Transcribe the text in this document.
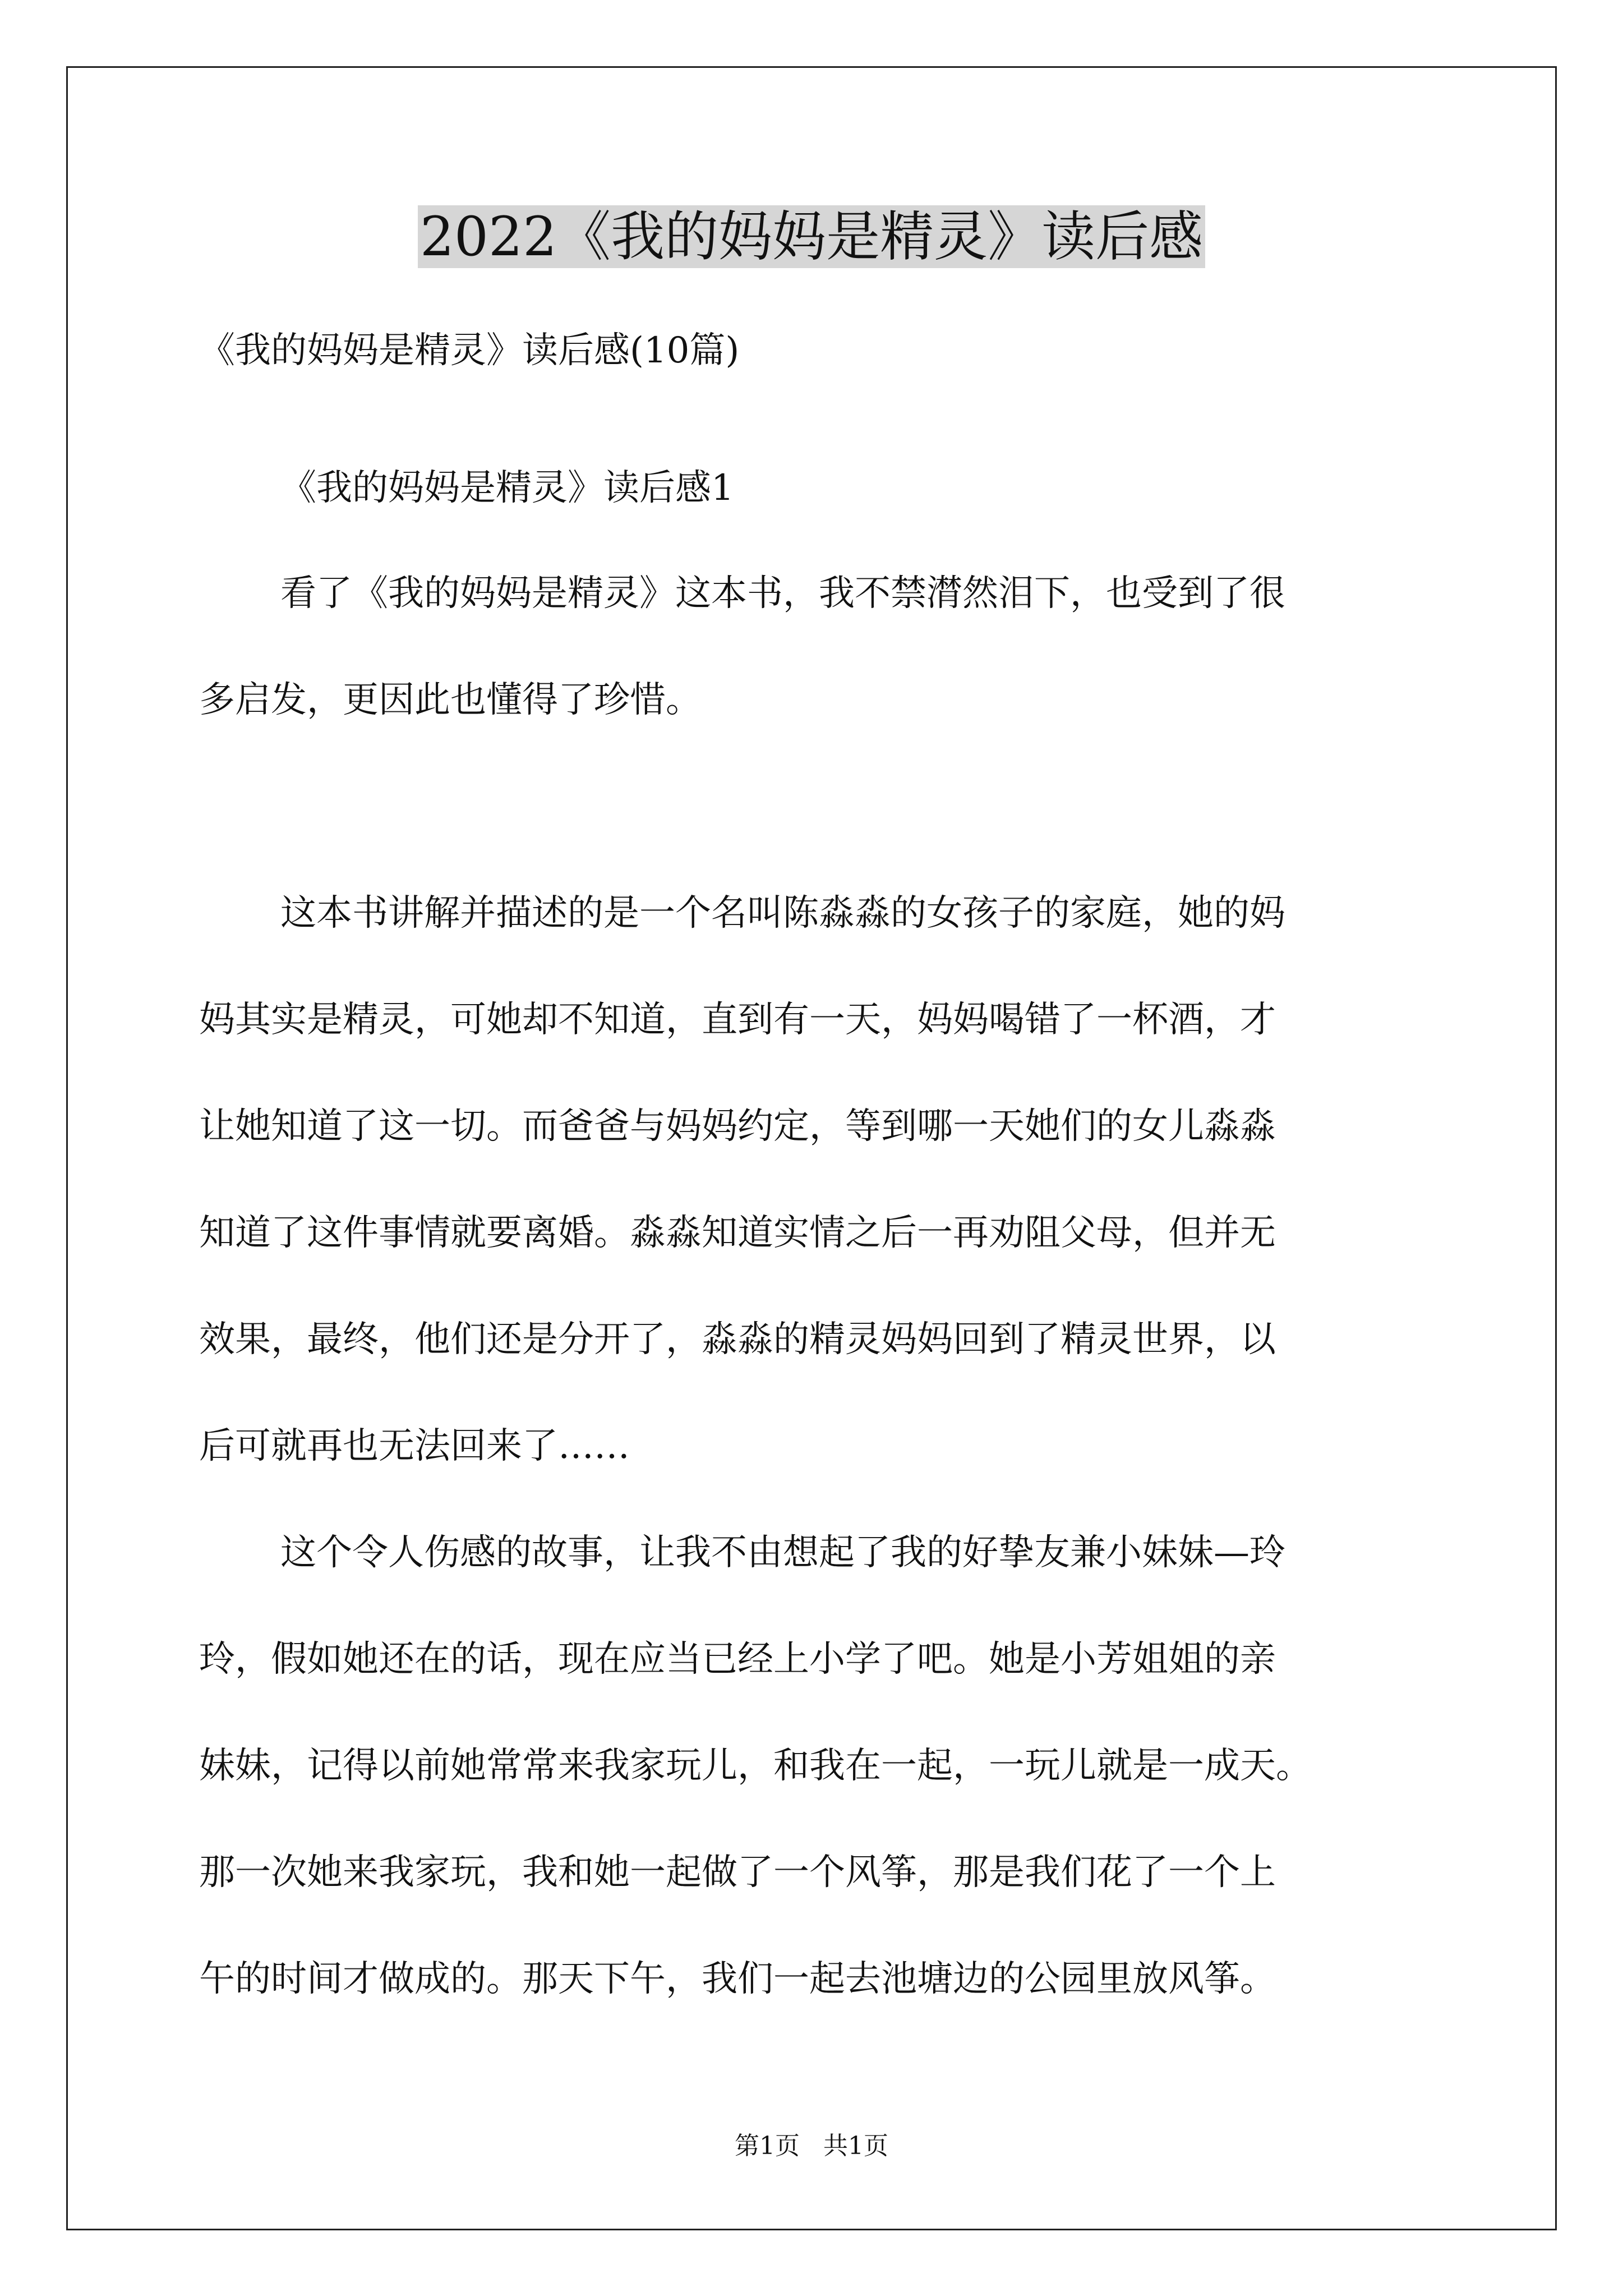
2022《我的妈妈是精灵》读后感

《我的妈妈是精灵》读后感(10篇)

《我的妈妈是精灵》读后感1

看了《我的妈妈是精灵》这本书，我不禁潸然泪下，也受到了很

多启发，更因此也懂得了珍惜。

这本书讲解并描述的是一个名叫陈淼淼的女孩子的家庭，她的妈

妈其实是精灵，可她却不知道，直到有一天，妈妈喝错了一杯酒，才

让她知道了这一切。而爸爸与妈妈约定，等到哪一天她们的女儿淼淼

知道了这件事情就要离婚。淼淼知道实情之后一再劝阻父母，但并无

效果，最终，他们还是分开了，淼淼的精灵妈妈回到了精灵世界，以

后可就再也无法回来了……

这个令人伤感的故事，让我不由想起了我的好挚友兼小妹妹—玲

玲，假如她还在的话，现在应当已经上小学了吧。她是小芳姐姐的亲

妹妹，记得以前她常常来我家玩儿，和我在一起，一玩儿就是一成天。

那一次她来我家玩，我和她一起做了一个风筝，那是我们花了一个上

午的时间才做成的。那天下午，我们一起去池塘边的公园里放风筝。

第1页   共1页
